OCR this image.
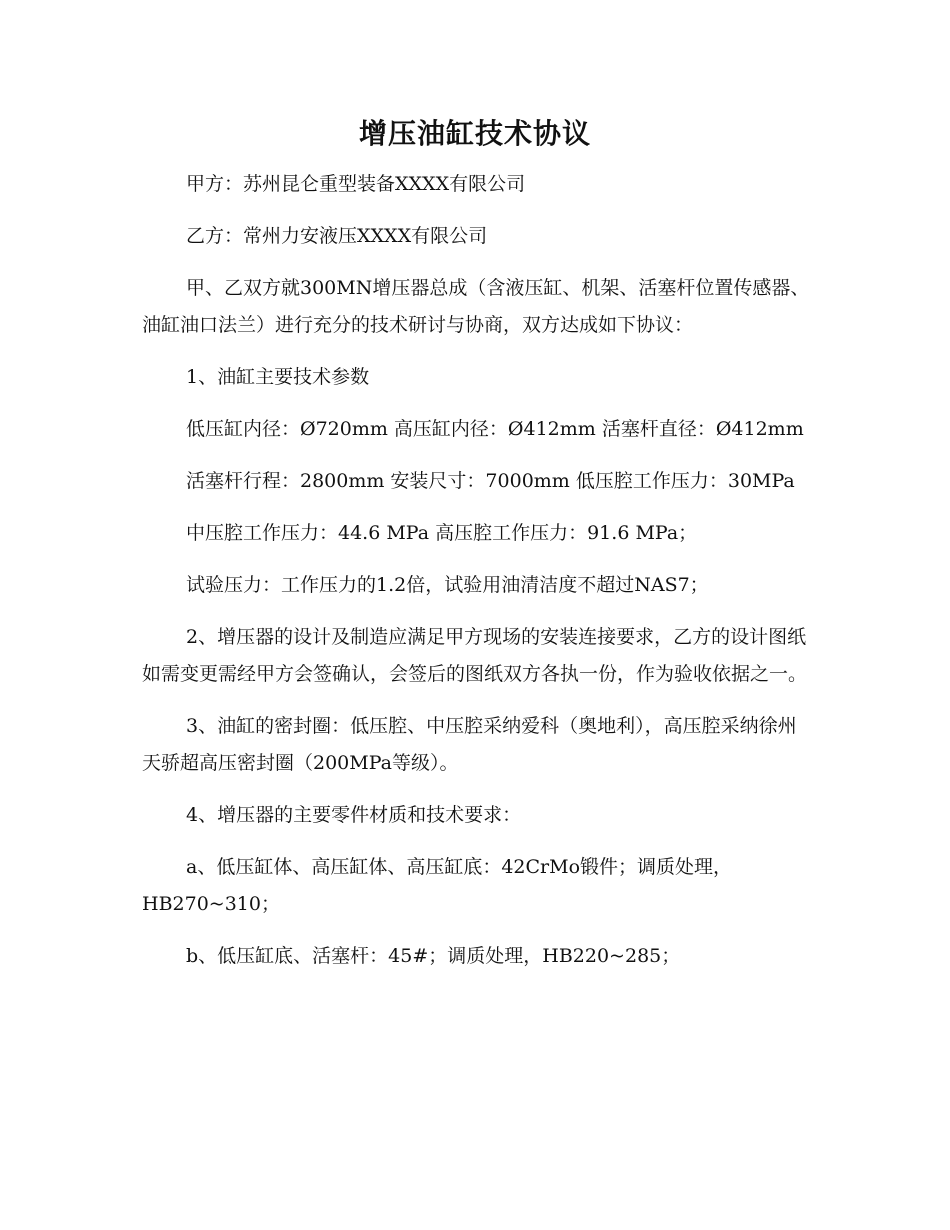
增压油缸技术协议

甲方：苏州昆仑重型装备XXXX有限公司

乙方：常州力安液压XXXX有限公司

甲、乙双方就300MN增压器总成（含液压缸、机架、活塞杆位置传感器、油缸油口法兰）进行充分的技术研讨与协商，双方达成如下协议：

1、油缸主要技术参数

低压缸内径：Ø720mm 高压缸内径：Ø412mm 活塞杆直径：Ø412mm

活塞杆行程：2800mm 安装尺寸：7000mm 低压腔工作压力：30MPa

中压腔工作压力：44.6 MPa 高压腔工作压力：91.6 MPa；

试验压力：工作压力的1.2倍，试验用油清洁度不超过NAS7；

2、增压器的设计及制造应满足甲方现场的安装连接要求，乙方的设计图纸如需变更需经甲方会签确认，会签后的图纸双方各执一份，作为验收依据之一。

3、油缸的密封圈：低压腔、中压腔采纳爱科（奥地利），高压腔采纳徐州天骄超高压密封圈（200MPa等级）。

4、增压器的主要零件材质和技术要求：

a、低压缸体、高压缸体、高压缸底：42CrMo锻件；调质处理，HB270~310；

b、低压缸底、活塞杆：45#；调质处理，HB220~285；
